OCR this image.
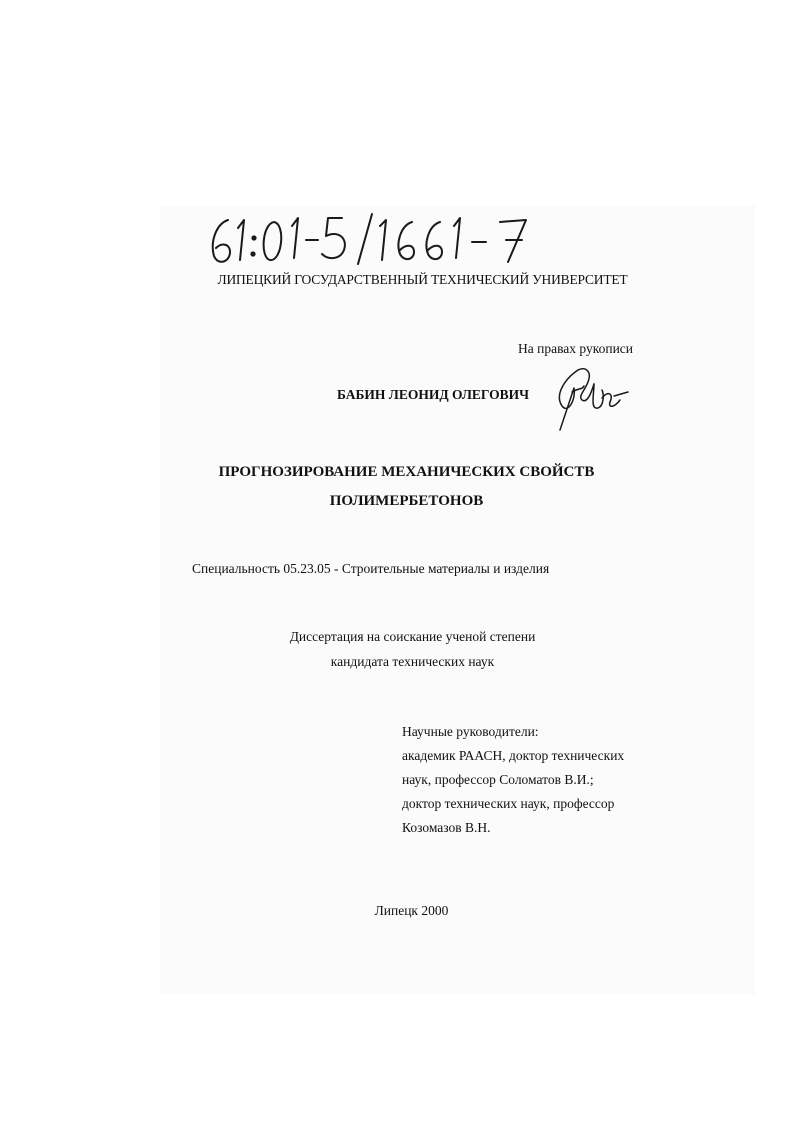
ЛИПЕЦКИЙ ГОСУДАРСТВЕННЫЙ ТЕХНИЧЕСКИЙ УНИВЕРСИТЕТ
На правах рукописи
БАБИН ЛЕОНИД ОЛЕГОВИЧ
ПРОГНОЗИРОВАНИЕ МЕХАНИЧЕСКИХ СВОЙСТВ
ПОЛИМЕРБЕТОНОВ
Специальность 05.23.05 - Строительные материалы и изделия
Диссертация на соискание ученой степени
кандидата технических наук
Научные руководители:
академик РААСН, доктор технических
наук, профессор Соломатов В.И.;
доктор технических наук, профессор
Козомазов В.Н.
Липецк 2000
